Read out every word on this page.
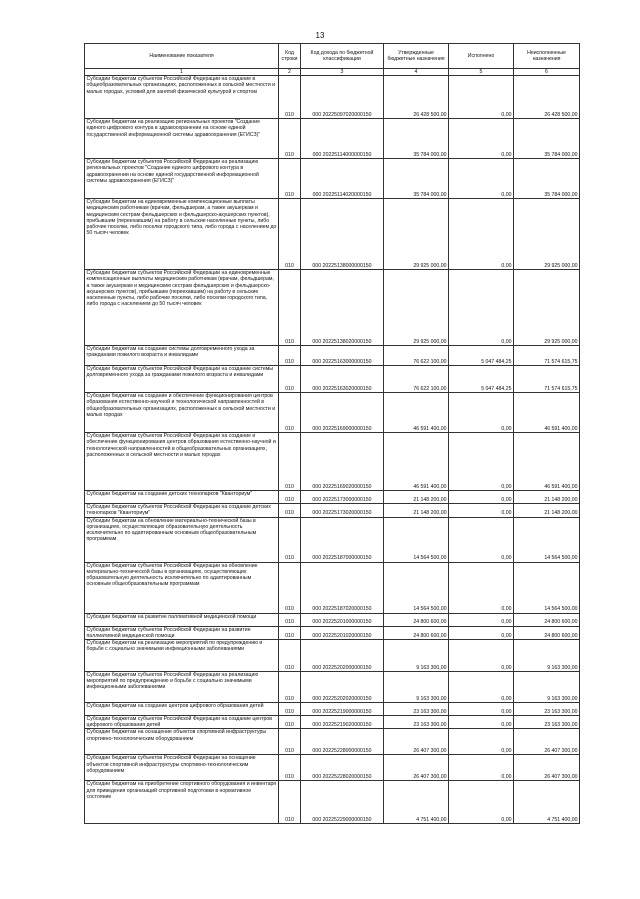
13
Наименование показателя	Код строки	Код дохода по бюджетной классификации	Утвержденные бюджетные назначения	Исполнено	Неисполненные назначения
1	2	3	4	5	6
Субсидии бюджетам субъектов Российской Федерации на создание в общеобразовательных организациях, расположенных в сельской местности и малых городах, условий для занятий физической культурой и спортом	010	000 20225097020000150	26 428 500,00	0,00	26 428 500,00
Субсидии бюджетам на реализацию региональных проектов "Создание единого цифрового контура в здравоохранении на основе единой государственной информационной системы здравоохранения (ЕГИСЗ)"	010	000 20225114000000150	35 784 000,00	0,00	35 784 000,00
Субсидии бюджетам субъектов Российской Федерации на реализацию региональных проектов "Создание единого цифрового контура в здравоохранении на основе единой государственной информационной системы здравоохранения (ЕГИСЗ)"	010	000 20225114020000150	35 784 000,00	0,00	35 784 000,00
Субсидии бюджетам на единовременные компенсационные выплаты медицинским работникам (врачам, фельдшерам, а также акушеркам и медицинским сестрам фельдшерских и фельдшерско-акушерских пунктов), прибывшим (переехавшим) на работу в сельские населенные пункты, либо рабочие поселки, либо поселки городского типа, либо города с населением до 50 тысяч человек	010	000 20225138000000150	29 925 000,00	0,00	29 925 000,00
Субсидии бюджетам субъектов Российской Федерации на единовременные компенсационные выплаты медицинским работникам (врачам, фельдшерам, а также акушеркам и медицинским сестрам фельдшерских и фельдшерско-акушерских пунктов), прибывшим (переехавшим) на работу в сельские населенные пункты, либо рабочие поселки, либо поселки городского типа, либо города с населением до 50 тысяч человек	010	000 20225138020000150	29 925 000,00	0,00	29 925 000,00
Субсидии бюджетам на создание системы долговременного ухода за гражданами пожилого возраста и инвалидами	010	000 20225163000000150	76 622 100,00	5 047 484,25	71 574 615,75
Субсидии бюджетам субъектов Российской Федерации на создание системы долговременного ухода за гражданами пожилого возраста и инвалидами	010	000 20225163020000150	76 622 100,00	5 047 484,25	71 574 615,75
Субсидии бюджетам на создание и обеспечение функционирования центров образования естественно-научной и технологической направленностей в общеобразовательных организациях, расположенных в сельской местности и малых городах	010	000 20225169000000150	46 591 400,00	0,00	46 591 400,00
Субсидии бюджетам субъектов Российской Федерации на создание и обеспечение функционирования центров образования естественно-научной и технологической направленностей в общеобразовательных организациях, расположенных в сельской местности и малых городах	010	000 20225169020000150	46 591 400,00	0,00	46 591 400,00
Субсидии бюджетам на создание детских технопарков "Кванториум"	010	000 20225173000000150	21 148 200,00	0,00	21 148 200,00
Субсидии бюджетам субъектов Российской Федерации на создание детских технопарков "Кванториум"	010	000 20225173020000150	21 148 200,00	0,00	21 148 200,00
Субсидии бюджетам на обновление материально-технической базы в организациях, осуществляющих образовательную деятельность исключительно по адаптированным основным общеобразовательным программам	010	000 20225187000000150	14 564 500,00	0,00	14 564 500,00
Субсидии бюджетам субъектов Российской Федерации на обновление материально-технической базы в организациях, осуществляющих образовательную деятельность исключительно по адаптированным основным общеобразовательным программам	010	000 20225187020000150	14 564 500,00	0,00	14 564 500,00
Субсидии бюджетам на развитие паллиативной медицинской помощи	010	000 20225201000000150	24 800 600,00	0,00	24 800 600,00
Субсидии бюджетам субъектов Российской Федерации на развитие паллиативной медицинской помощи	010	000 20225201020000150	24 800 600,00	0,00	24 800 600,00
Субсидии бюджетам на реализацию мероприятий по предупреждению и борьбе с социально значимыми инфекционными заболеваниями	010	000 20225202000000150	9 163 300,00	0,00	9 163 300,00
Субсидии бюджетам субъектов Российской Федерации на реализацию мероприятий по предупреждению и борьбе с социально значимыми инфекционными заболеваниями	010	000 20225202020000150	9 163 300,00	0,00	9 163 300,00
Субсидии бюджетам на создание центров цифрового образования детей	010	000 20225219000000150	23 163 300,00	0,00	23 163 300,00
Субсидии бюджетам субъектов Российской Федерации на создание центров цифрового образования детей	010	000 20225219020000150	23 163 300,00	0,00	23 163 300,00
Субсидии бюджетам на оснащение объектов спортивной инфраструктуры спортивно-технологическим оборудованием	010	000 20225228000000150	26 407 300,00	0,00	26 407 300,00
Субсидии бюджетам субъектов Российской Федерации на оснащение объектов спортивной инфраструктуры спортивно-технологическим оборудованием	010	000 20225228020000150	26 407 300,00	0,00	26 407 300,00
Субсидии бюджетам на приобретение спортивного оборудования и инвентаря для приведения организаций спортивной подготовки в нормативное состояние	010	000 20225229000000150	4 751 400,00	0,00	4 751 400,00
